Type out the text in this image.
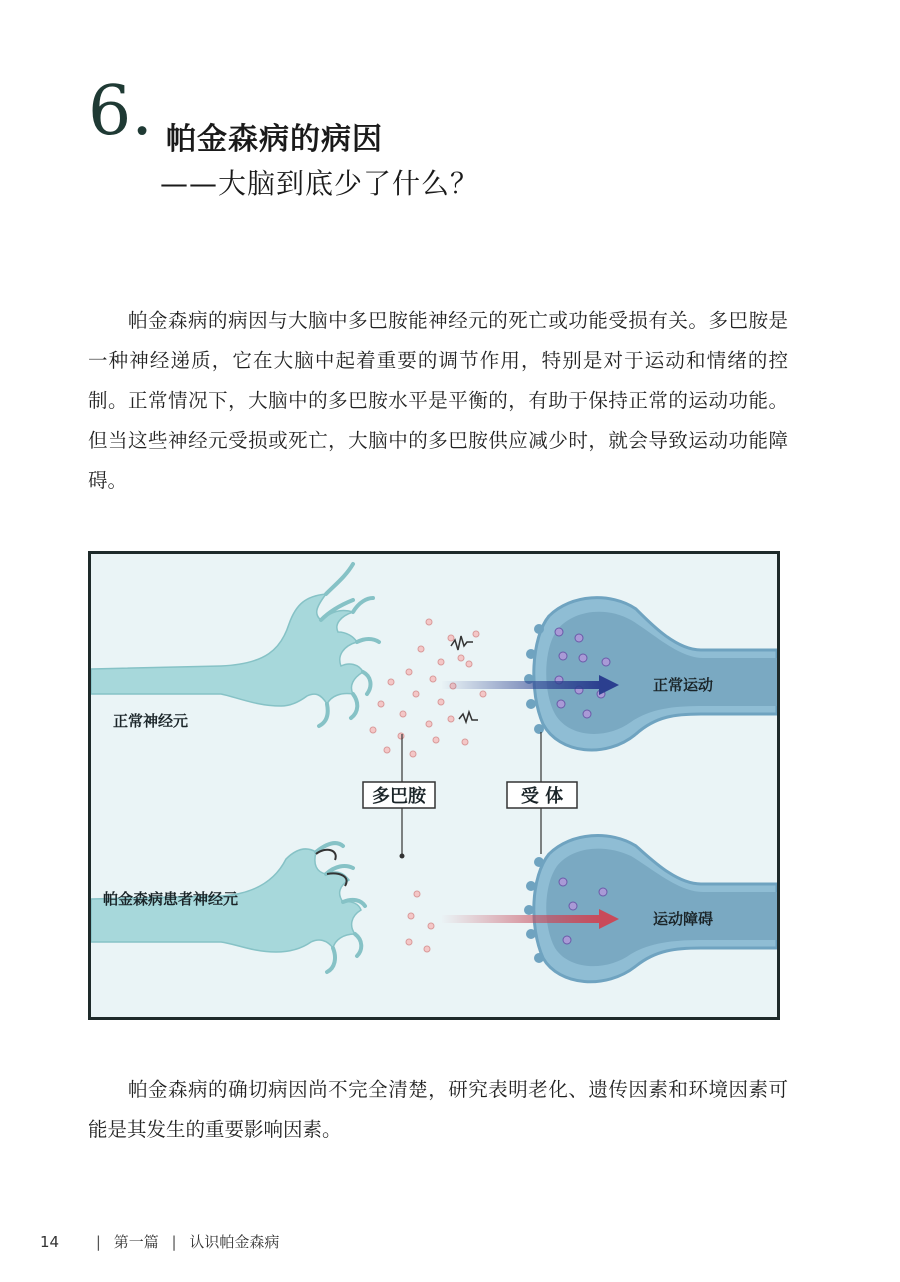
6. 帕金森病的病因
——大脑到底少了什么？

帕金森病的病因与大脑中多巴胺能神经元的死亡或功能受损有关。多巴胺是一种神经递质，它在大脑中起着重要的调节作用，特别是对于运动和情绪的控制。正常情况下，大脑中的多巴胺水平是平衡的，有助于保持正常的运动功能。但当这些神经元受损或死亡，大脑中的多巴胺供应减少时，就会导致运动功能障碍。

多巴胺	受 体
正常神经元
帕金森病患者神经元
正常运动
运动障碍

帕金森病的确切病因尚不完全清楚，研究表明老化、遗传因素和环境因素可能是其发生的重要影响因素。

14 | 第一篇 | 认识帕金森病
